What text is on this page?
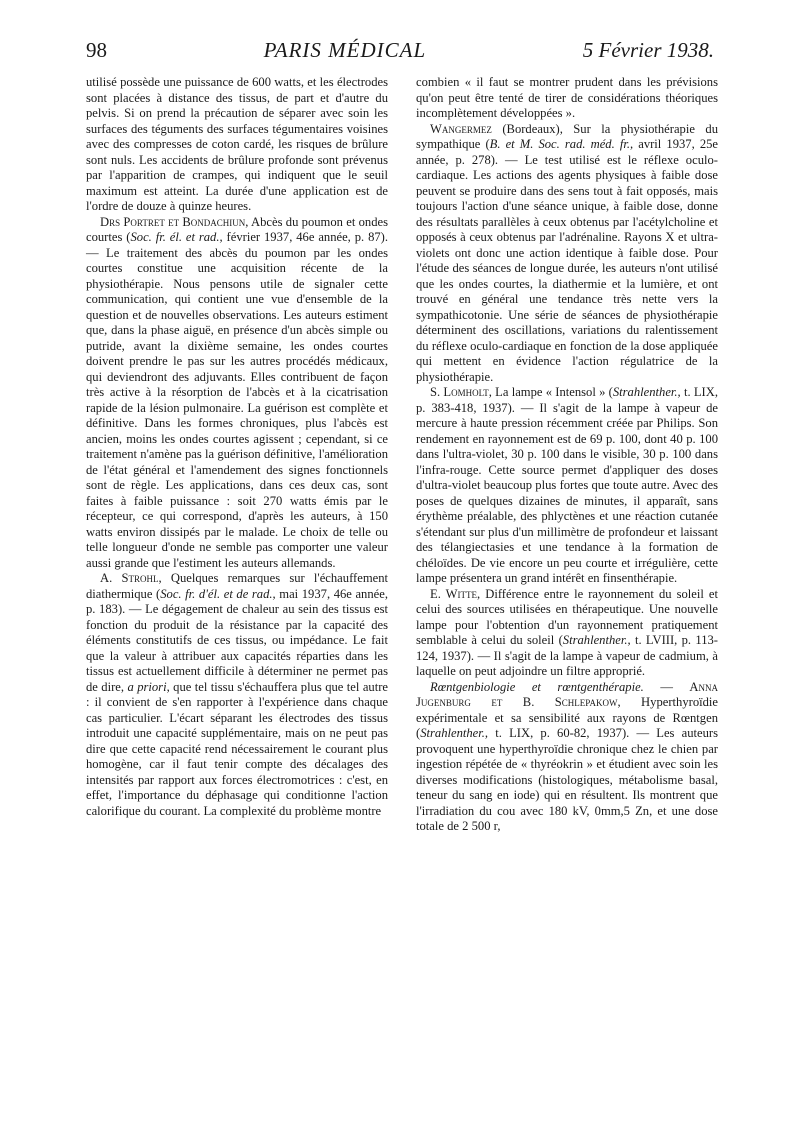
98	PARIS MÉDICAL	5 Février 1938.

utilisé possède une puissance de 600 watts, et les électrodes sont placées à distance des tissus, de part et d'autre du pelvis. Si on prend la précaution de séparer avec soin les surfaces des téguments des surfaces tégumentaires voisines avec des compresses de coton cardé, les risques de brûlure sont nuls. Les accidents de brûlure profonde sont prévenus par l'apparition de crampes, qui indiquent que le seuil maximum est atteint. La durée d'une application est de l'ordre de douze à quinze heures.

Drs Portret et Bondachiun, Abcès du poumon et ondes courtes (Soc. fr. él. et rad., février 1937, 46e année, p. 87). — Le traitement des abcès du poumon par les ondes courtes constitue une acquisition récente de la physiothérapie. Nous pensons utile de signaler cette communication, qui contient une vue d'ensemble de la question et de nouvelles observations. Les auteurs estiment que, dans la phase aiguë, en présence d'un abcès simple ou putride, avant la dixième semaine, les ondes courtes doivent prendre le pas sur les autres procédés médicaux, qui deviendront des adjuvants. Elles contribuent de façon très active à la résorption de l'abcès et à la cicatrisation rapide de la lésion pulmonaire. La guérison est complète et définitive. Dans les formes chroniques, plus l'abcès est ancien, moins les ondes courtes agissent ; cependant, si ce traitement n'amène pas la guérison définitive, l'amélioration de l'état général et l'amendement des signes fonctionnels sont de règle. Les applications, dans ces deux cas, sont faites à faible puissance : soit 270 watts émis par le récepteur, ce qui correspond, d'après les auteurs, à 150 watts environ dissipés par le malade. Le choix de telle ou telle longueur d'onde ne semble pas comporter une valeur aussi grande que l'estiment les auteurs allemands.

A. Strohl, Quelques remarques sur l'échauffement diathermique (Soc. fr. d'él. et de rad., mai 1937, 46e année, p. 183). — Le dégagement de chaleur au sein des tissus est fonction du produit de la résistance par la capacité des éléments constitutifs de ces tissus, ou impédance. Le fait que la valeur à attribuer aux capacités réparties dans les tissus est actuellement difficile à déterminer ne permet pas de dire, a priori, que tel tissu s'échauffera plus que tel autre : il convient de s'en rapporter à l'expérience dans chaque cas particulier. L'écart séparant les électrodes des tissus introduit une capacité supplémentaire, mais on ne peut pas dire que cette capacité rend nécessairement le courant plus homogène, car il faut tenir compte des décalages des intensités par rapport aux forces électromotrices : c'est, en effet, l'importance du déphasage qui conditionne l'action calorifique du courant. La complexité du problème montre

combien « il faut se montrer prudent dans les prévisions qu'on peut être tenté de tirer de considérations théoriques incomplètement développées ».

Wangermez (Bordeaux), Sur la physiothérapie du sympathique (B. et M. Soc. rad. méd. fr., avril 1937, 25e année, p. 278). — Le test utilisé est le réflexe oculo-cardiaque. Les actions des agents physiques à faible dose peuvent se produire dans des sens tout à fait opposés, mais toujours l'action d'une séance unique, à faible dose, donne des résultats parallèles à ceux obtenus par l'acétylcholine et opposés à ceux obtenus par l'adrénaline. Rayons X et ultra-violets ont donc une action identique à faible dose. Pour l'étude des séances de longue durée, les auteurs n'ont utilisé que les ondes courtes, la diathermie et la lumière, et ont trouvé en général une tendance très nette vers la sympathicotonie. Une série de séances de physiothérapie déterminent des oscillations, variations du ralentissement du réflexe oculo-cardiaque en fonction de la dose appliquée qui mettent en évidence l'action régulatrice de la physiothérapie.

S. Lomholt, La lampe « Intensol » (Strahlenther., t. LIX, p. 383-418, 1937). — Il s'agit de la lampe à vapeur de mercure à haute pression récemment créée par Philips. Son rendement en rayonnement est de 69 p. 100, dont 40 p. 100 dans l'ultra-violet, 30 p. 100 dans le visible, 30 p. 100 dans l'infra-rouge. Cette source permet d'appliquer des doses d'ultra-violet beaucoup plus fortes que toute autre. Avec des poses de quelques dizaines de minutes, il apparaît, sans érythème préalable, des phlyctènes et une réaction cutanée s'étendant sur plus d'un millimètre de profondeur et laissant des télangiectasies et une tendance à la formation de chéloïdes. De vie encore un peu courte et irrégulière, cette lampe présentera un grand intérêt en finsenthérapie.

E. Witte, Différence entre le rayonnement du soleil et celui des sources utilisées en thérapeutique. Une nouvelle lampe pour l'obtention d'un rayonnement pratiquement semblable à celui du soleil (Strahlenther., t. LVIII, p. 113-124, 1937). — Il s'agit de la lampe à vapeur de cadmium, à laquelle on peut adjoindre un filtre approprié.

Rœntgenbiologie et rœntgenthérapie. — Anna Jugenburg et B. Schlepakow, Hyperthyroïdie expérimentale et sa sensibilité aux rayons de Rœntgen (Strahlenther., t. LIX, p. 60-82, 1937). — Les auteurs provoquent une hyperthyroïdie chronique chez le chien par ingestion répétée de « thyréokrin » et étudient avec soin les diverses modifications (histologiques, métabolisme basal, teneur du sang en iode) qui en résultent. Ils montrent que l'irradiation du cou avec 180 kV, 0mm,5 Zn, et une dose totale de 2 500 r,
